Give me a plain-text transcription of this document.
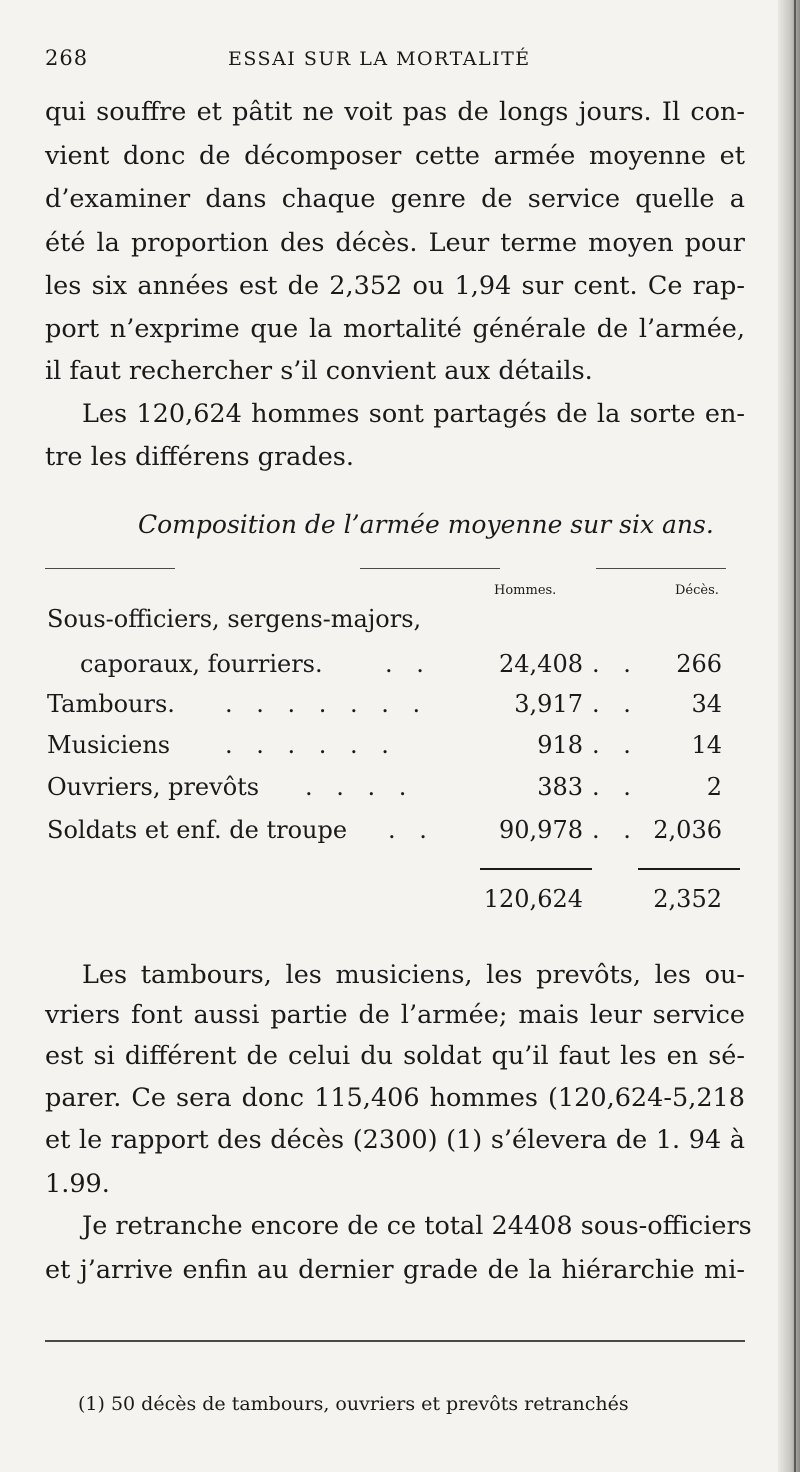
268	ESSAI SUR LA MORTALITÉ
qui souffre et pâtit ne voit pas de longs jours. Il con-
vient donc de décomposer cette armée moyenne et
d’examiner dans chaque genre de service quelle a
été la proportion des décès. Leur terme moyen pour
les six années est de 2,352 ou 1,94 sur cent. Ce rap-
port n’exprime que la mortalité générale de l’armée,
il faut rechercher s’il convient aux détails.
Les 120,624 hommes sont partagés de la sorte en-
tre les différens grades.
Composition de l’armée moyenne sur six ans.
Hommes.	Décès.
Sous-officiers, sergens-majors,
caporaux, fourriers.	. .	24,408 . .	266
Tambours. . . . . . . .	3,917 . .	34
Musiciens . . . . . .	918 . .	14
Ouvriers, prevôts . . . .	383 . .	2
Soldats et enf. de troupe . .	90,978 . . 2,036
120,624	2,352
Les tambours, les musiciens, les prevôts, les ou-
vriers font aussi partie de l’armée; mais leur service
est si différent de celui du soldat qu’il faut les en sé-
parer. Ce sera donc 115,406 hommes (120,624-5,218
et le rapport des décès (2300) (1) s’élevera de 1. 94 à
1.99.
Je retranche encore de ce total 24408 sous-officiers
et j’arrive enfin au dernier grade de la hiérarchie mi-
(1) 50 décès de tambours, ouvriers et prevôts retranchés
